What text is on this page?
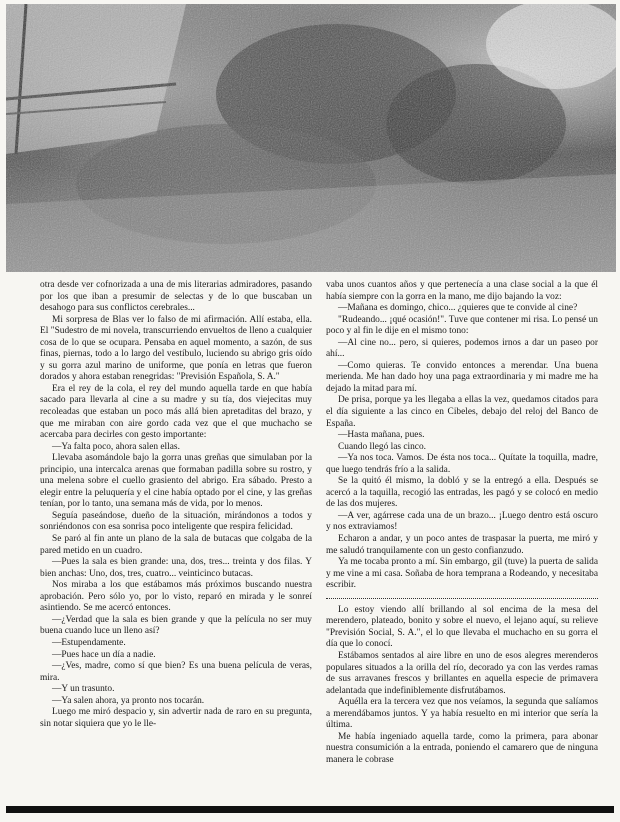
otra desde ver cofnorizada a una de mis literarias admiradores, pasando por los que iban a presumir de selectas y de lo que buscaban un desahogo para sus conflictos cerebrales...

Mi sorpresa de Blas ver lo falso de mi afirmación. Allí estaba, ella. El "Sudestro de mi novela, transcurriendo envueltos de lleno a cualquier cosa de lo que se ocupara. Pensaba en aquel momento, a sazón, de sus finas, piernas, todo a lo largo del vestíbulo, luciendo su abrigo gris oído y su gorra azul marino de uniforme, que ponía en letras que fueron dorados y ahora estaban renegridas: "Previsión Española, S. A."

Era el rey de la cola, el rey del mundo aquella tarde en que había sacado para llevarla al cine a su madre y su tía, dos viejecitas muy recoleadas que estaban un poco más allá bien apretaditas del brazo, y que me miraban con aire gordo cada vez que el que muchacho se acercaba para decirles con gesto importante:

—Ya falta poco, ahora salen ellas.

Llevaba asomándole bajo la gorra unas greñas que simulaban por la principio, una intercalca arenas que formaban padilla sobre su rostro, y una melena sobre el cuello grasiento del abrigo. Era sábado. Presto a elegir entre la peluquería y el cine había optado por el cine, y las greñas tenían, por lo tanto, una semana más de vida, por lo menos.

Seguía paseándose, dueño de la situación, mirándonos a todos y sonriéndonos con esa sonrisa poco inteligente que respira felicidad.

Se paró al fin ante un plano de la sala de butacas que colgaba de la pared metido en un cuadro.

—Pues la sala es bien grande: una, dos, tres... treinta y dos filas. Y bien anchas: Uno, dos, tres, cuatro... veinticinco butacas.

Nos miraba a los que estábamos más próximos buscando nuestra aprobación. Pero sólo yo, por lo visto, reparó en mirada y le sonreí asintiendo. Se me acercó entonces.

—¿Verdad que la sala es bien grande y que la película no ser muy buena cuando luce un lleno así?

—Estupendamente.

—Pues hace un día a nadie.

—¿Ves, madre, como sí que bien? Es una buena película de veras, mira.

—Y un trasunto.

—Ya salen ahora, ya pronto nos tocarán.

Luego me miró despacio y, sin advertir nada de raro en su pregunta, sin notar siquiera que yo le lle-

vaba unos cuantos años y que pertenecía a una clase social a la que él había siempre con la gorra en la mano, me dijo bajando la voz:

—Mañana es domingo, chico... ¿quieres que te convide al cine?

"Rudeando... ¡qué ocasión!". Tuve que contener mi risa. Lo pensé un poco y al fin le dije en el mismo tono:

—Al cine no... pero, si quieres, podemos irnos a dar un paseo por ahí...

—Como quieras. Te convido entonces a merendar. Una buena merienda. Me han dado hoy una paga extraordinaria y mi madre me ha dejado la mitad para mí.

De prisa, porque ya les llegaba a ellas la vez, quedamos citados para el día siguiente a las cinco en Cibeles, debajo del reloj del Banco de España.

—Hasta mañana, pues.

Cuando llegó las cinco.

—Ya nos toca. Vamos. De ésta nos toca... Quítate la toquilla, madre, que luego tendrás frío a la salida.

Se la quitó él mismo, la dobló y se la entregó a ella. Después se acercó a la taquilla, recogió las entradas, les pagó y se colocó en medio de las dos mujeres.

—A ver, agárrese cada una de un brazo... ¡Luego dentro está oscuro y nos extraviamos!

Echaron a andar, y un poco antes de traspasar la puerta, me miró y me saludó tranquilamente con un gesto confianzudo.

Ya me tocaba pronto a mí. Sin embargo, gil (tuve) la puerta de salida y me vine a mi casa. Soñaba de hora temprana a Rodeando, y necesitaba escribir.

Lo estoy viendo allí brillando al sol encima de la mesa del merendero, plateado, bonito y sobre el nuevo, el lejano aquí, su relieve "Previsión Social, S. A.", el lo que llevaba el muchacho en su gorra el día que lo conocí.

Estábamos sentados al aire libre en uno de esos alegres merenderos populares situados a la orilla del río, decorado ya con las verdes ramas de sus arravanes frescos y brillantes en aquella especie de primavera adelantada que indefiniblemente disfrutábamos.

Aquélla era la tercera vez que nos veíamos, la segunda que salíamos a merendábamos juntos. Y ya había resuelto en mi interior que sería la última.

Me había ingeniado aquella tarde, como la primera, para abonar nuestra consumición a la entrada, poniendo el camarero que de ninguna manera le cobrase
